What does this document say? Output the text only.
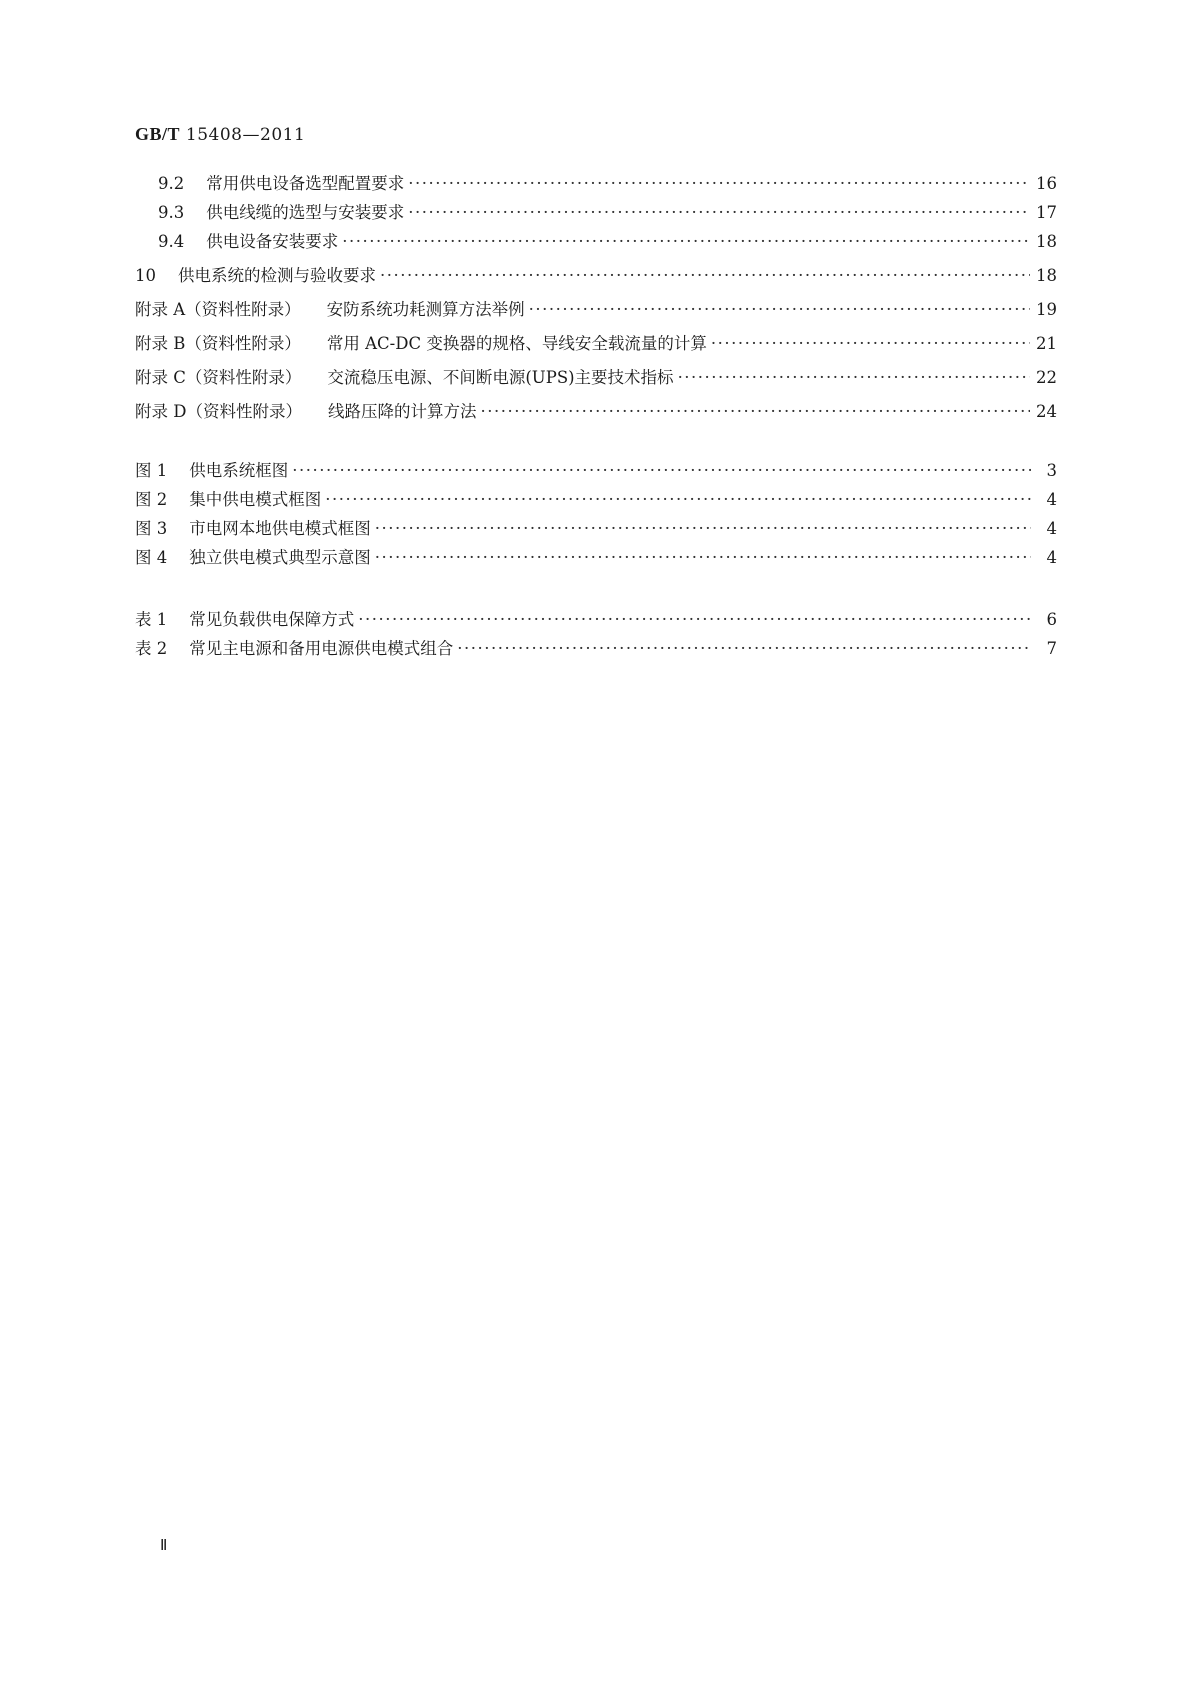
GB/T 15408—2011
9.2 常用供电设备选型配置要求 ·····	16
9.3 供电线缆的选型与安装要求 ·····	17
9.4 供电设备安装要求 ·····	18
10 供电系统的检测与验收要求 ·····	18
附录 A（资料性附录） 安防系统功耗测算方法举例 ·····	19
附录 B（资料性附录） 常用 AC-DC 变换器的规格、导线安全载流量的计算 ·····	21
附录 C（资料性附录） 交流稳压电源、不间断电源(UPS)主要技术指标 ·····	22
附录 D（资料性附录） 线路压降的计算方法 ·····	24
图 1 供电系统框图 ·····	3
图 2 集中供电模式框图 ·····	4
图 3 市电网本地供电模式框图 ·····	4
图 4 独立供电模式典型示意图 ·····	4
表 1 常见负载供电保障方式 ·····	6
表 2 常见主电源和备用电源供电模式组合 ·····	7
Ⅱ
